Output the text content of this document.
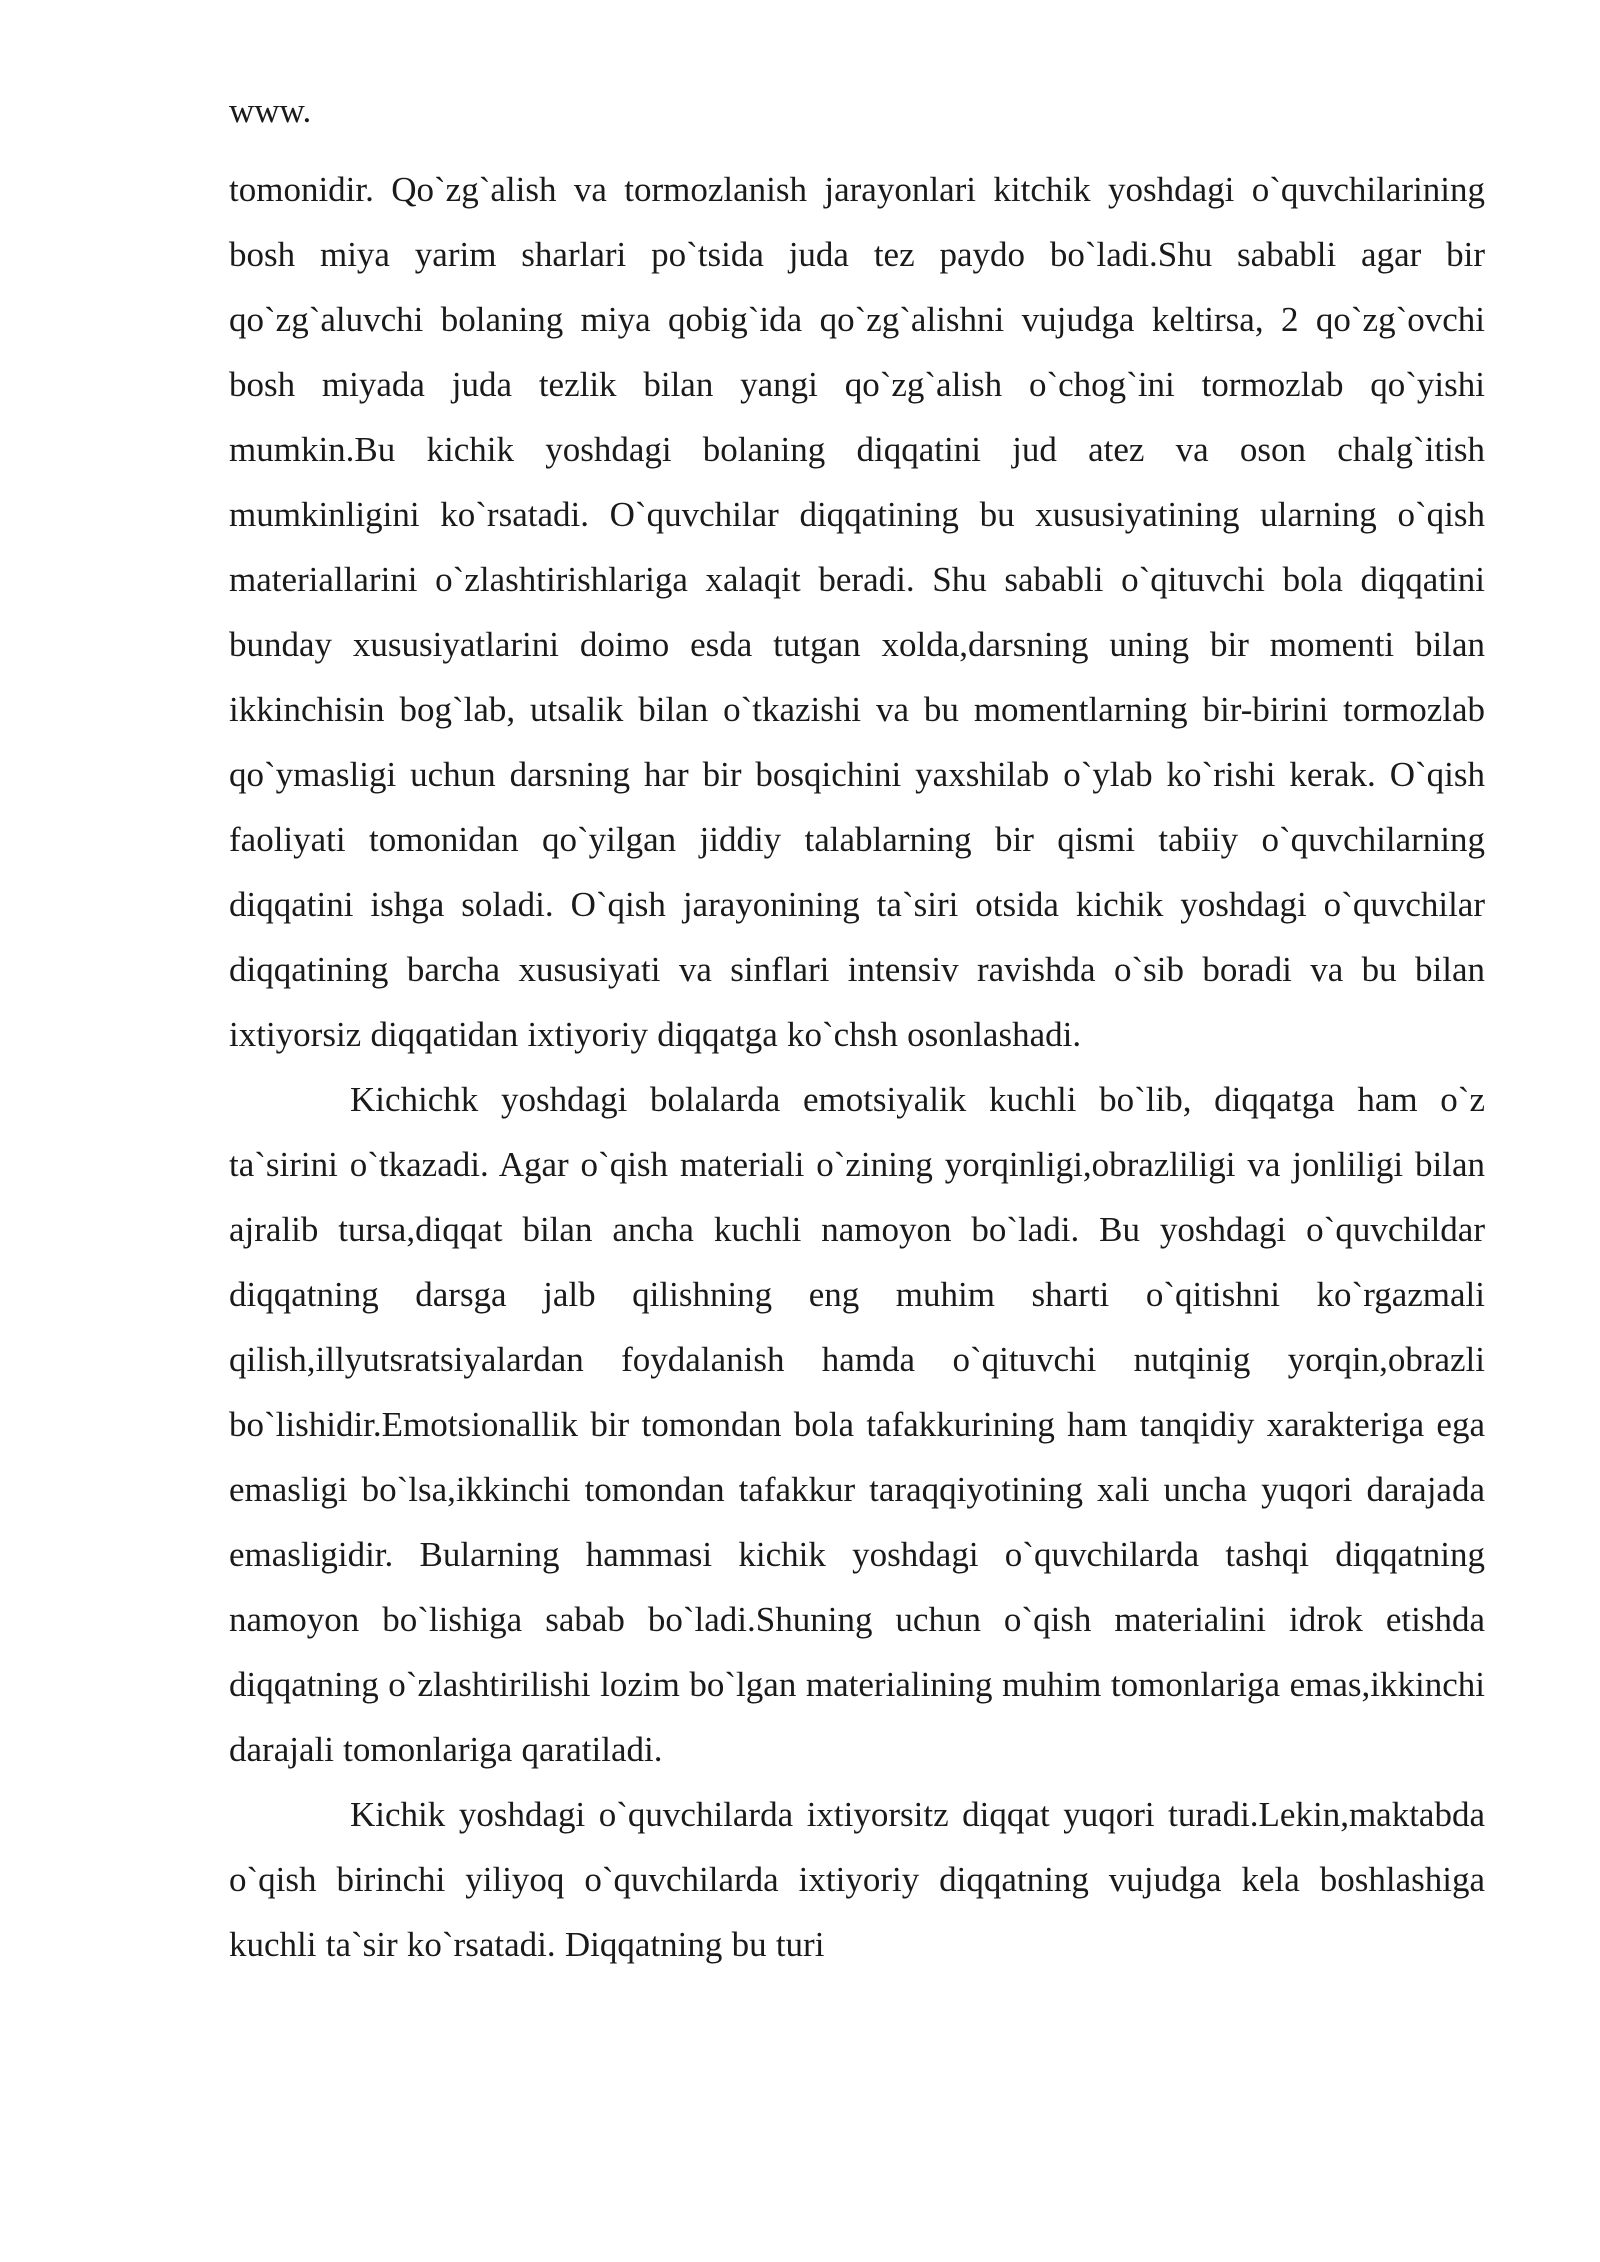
www.

tomonidir. Qo`zg`alish va tormozlanish jarayonlari kitchik yoshdagi o`quvchilarining bosh miya yarim sharlari po`tsida juda tez paydo bo`ladi.Shu sababli agar bir qo`zg`aluvchi bolaning miya qobig`ida qo`zg`alishni vujudga keltirsa, 2 qo`zg`ovchi bosh miyada juda tezlik bilan yangi qo`zg`alish o`chog`ini tormozlab qo`yishi mumkin.Bu kichik yoshdagi bolaning diqqatini jud atez va oson chalg`itish mumkinligini ko`rsatadi. O`quvchilar diqqatining bu xususiyatining ularning o`qish materiallarini o`zlashtirishlariga xalaqit beradi. Shu sababli o`qituvchi bola diqqatini bunday xususiyatlarini doimo esda tutgan xolda,darsning uning bir momenti bilan ikkinchisin bog`lab, utsalik bilan o`tkazishi va bu momentlarning bir-birini tormozlab qo`ymasligi uchun darsning har bir bosqichini yaxshilab o`ylab ko`rishi kerak. O`qish faoliyati tomonidan qo`yilgan jiddiy talablarning bir qismi tabiiy o`quvchilarning diqqatini ishga soladi. O`qish jarayonining ta`siri otsida kichik yoshdagi o`quvchilar diqqatining barcha xususiyati va sinflari intensiv ravishda o`sib boradi va bu bilan ixtiyorsiz diqqatidan ixtiyoriy diqqatga ko`chsh osonlashadi.

Kichichk yoshdagi bolalarda emotsiyalik kuchli bo`lib, diqqatga ham o`z ta`sirini o`tkazadi. Agar o`qish materiali o`zining yorqinligi,obrazliligi va jonliligi bilan ajralib tursa,diqqat bilan ancha kuchli namoyon bo`ladi. Bu yoshdagi o`quvchildar diqqatning darsga jalb qilishning eng muhim sharti o`qitishni ko`rgazmali qilish,illyutsratsiyalardan foydalanish hamda o`qituvchi nutqinig yorqin,obrazli bo`lishidir.Emotsionallik bir tomondan bola tafakkurining ham tanqidiy xarakteriga ega emasligi bo`lsa,ikkinchi tomondan tafakkur taraqqiyotining xali uncha yuqori darajada emasligidir. Bularning hammasi kichik yoshdagi o`quvchilarda tashqi diqqatning namoyon bo`lishiga sabab bo`ladi.Shuning uchun o`qish materialini idrok etishda diqqatning o`zlashtirilishi lozim bo`lgan materialining muhim tomonlariga emas,ikkinchi darajali tomonlariga qaratiladi.

Kichik yoshdagi o`quvchilarda ixtiyorsitz diqqat yuqori turadi.Lekin,maktabda o`qish birinchi yiliyoq o`quvchilarda ixtiyoriy diqqatning vujudga kela boshlashiga kuchli ta`sir ko`rsatadi. Diqqatning bu turi
